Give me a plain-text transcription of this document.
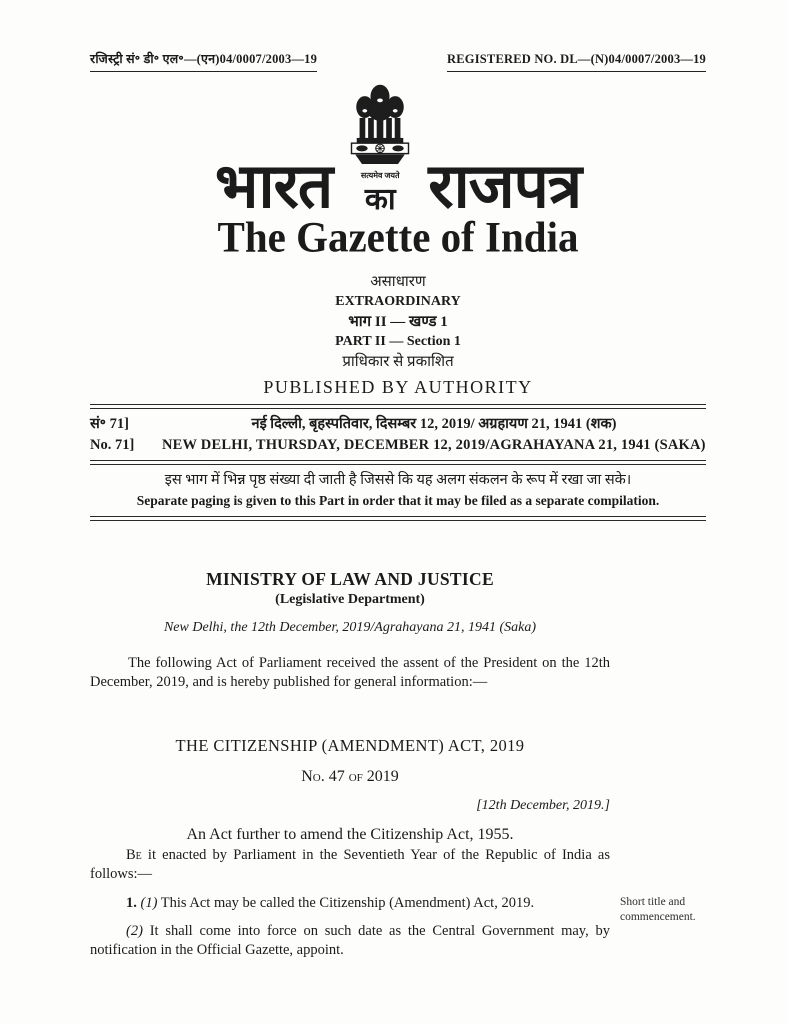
रजिस्ट्री सं॰ डी॰ एल॰—(एन)04/0007/2003—19	REGISTERED NO. DL—(N)04/0007/2003—19
भारत	सत्यमेव जयते
का राजपत्र
The Gazette of India
असाधारण
EXTRAORDINARY
भाग II — खण्ड 1
PART II — Section 1
प्राधिकार से प्रकाशित
PUBLISHED BY AUTHORITY
सं॰ 71]	नई दिल्ली, बृहस्पतिवार, दिसम्बर 12, 2019/ अग्रहायण 21, 1941 (शक)
No. 71]	NEW DELHI, THURSDAY, DECEMBER 12, 2019/AGRAHAYANA 21, 1941 (SAKA)
इस भाग में भिन्न पृष्ठ संख्या दी जाती है जिससे कि यह अलग संकलन के रूप में रखा जा सके।
Separate paging is given to this Part in order that it may be filed as a separate compilation.
MINISTRY OF LAW AND JUSTICE
(Legislative Department)
New Delhi, the 12th December, 2019/Agrahayana 21, 1941 (Saka)

The following Act of Parliament received the assent of the President on the 12th December, 2019, and is hereby published for general information:—

THE CITIZENSHIP (AMENDMENT) ACT, 2019
No. 47 of 2019
[12th December, 2019.]
An Act further to amend the Citizenship Act, 1955.

Be it enacted by Parliament in the Seventieth Year of the Republic of India as follows:—

1. (1) This Act may be called the Citizenship (Amendment) Act, 2019.	Short title and commencement.

(2) It shall come into force on such date as the Central Government may, by notification in the Official Gazette, appoint.
